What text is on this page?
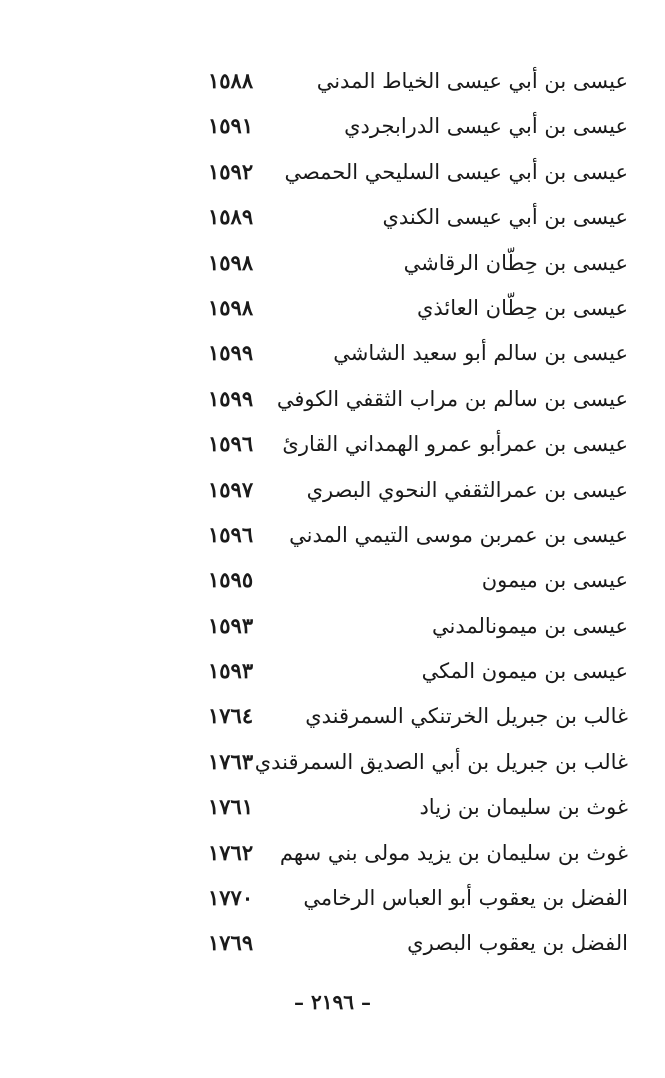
عيسى بن أبي عيسى الخياط المدني
١٥٨٨
عيسى بن أبي عيسى الدرابجردي
١٥٩١
عيسى بن أبي عيسى السليحي الحمصي
١٥٩٢
عيسى بن أبي عيسى الكندي
١٥٨٩
عيسى بن حِطّان الرقاشي
١٥٩٨
عيسى بن حِطّان العائذي
١٥٩٨
عيسى بن سالم أبو سعيد الشاشي
١٥٩٩
عيسى بن سالم بن مراب الثقفي الكوفي
١٥٩٩
عيسى بن عمرأبو عمرو الهمداني القارئ
١٥٩٦
عيسى بن عمرالثقفي النحوي البصري
١٥٩٧
عيسى بن عمربن موسى التيمي المدني
١٥٩٦
عيسى بن ميمون
١٥٩٥
عيسى بن ميمونالمدني
١٥٩٣
عيسى بن ميمون المكي
١٥٩٣
غالب بن جبريل الخرتنكي السمرقندي
١٧٦٤
غالب بن جبريل بن أبي الصديق السمرقندي
١٧٦٣
غوث بن سليمان بن زياد
١٧٦١
غوث بن سليمان بن يزيد مولى بني سهم
١٧٦٢
الفضل بن يعقوب أبو العباس الرخامي
١٧٧٠
الفضل بن يعقوب البصري
١٧٦٩
– ٢١٩٦ –
